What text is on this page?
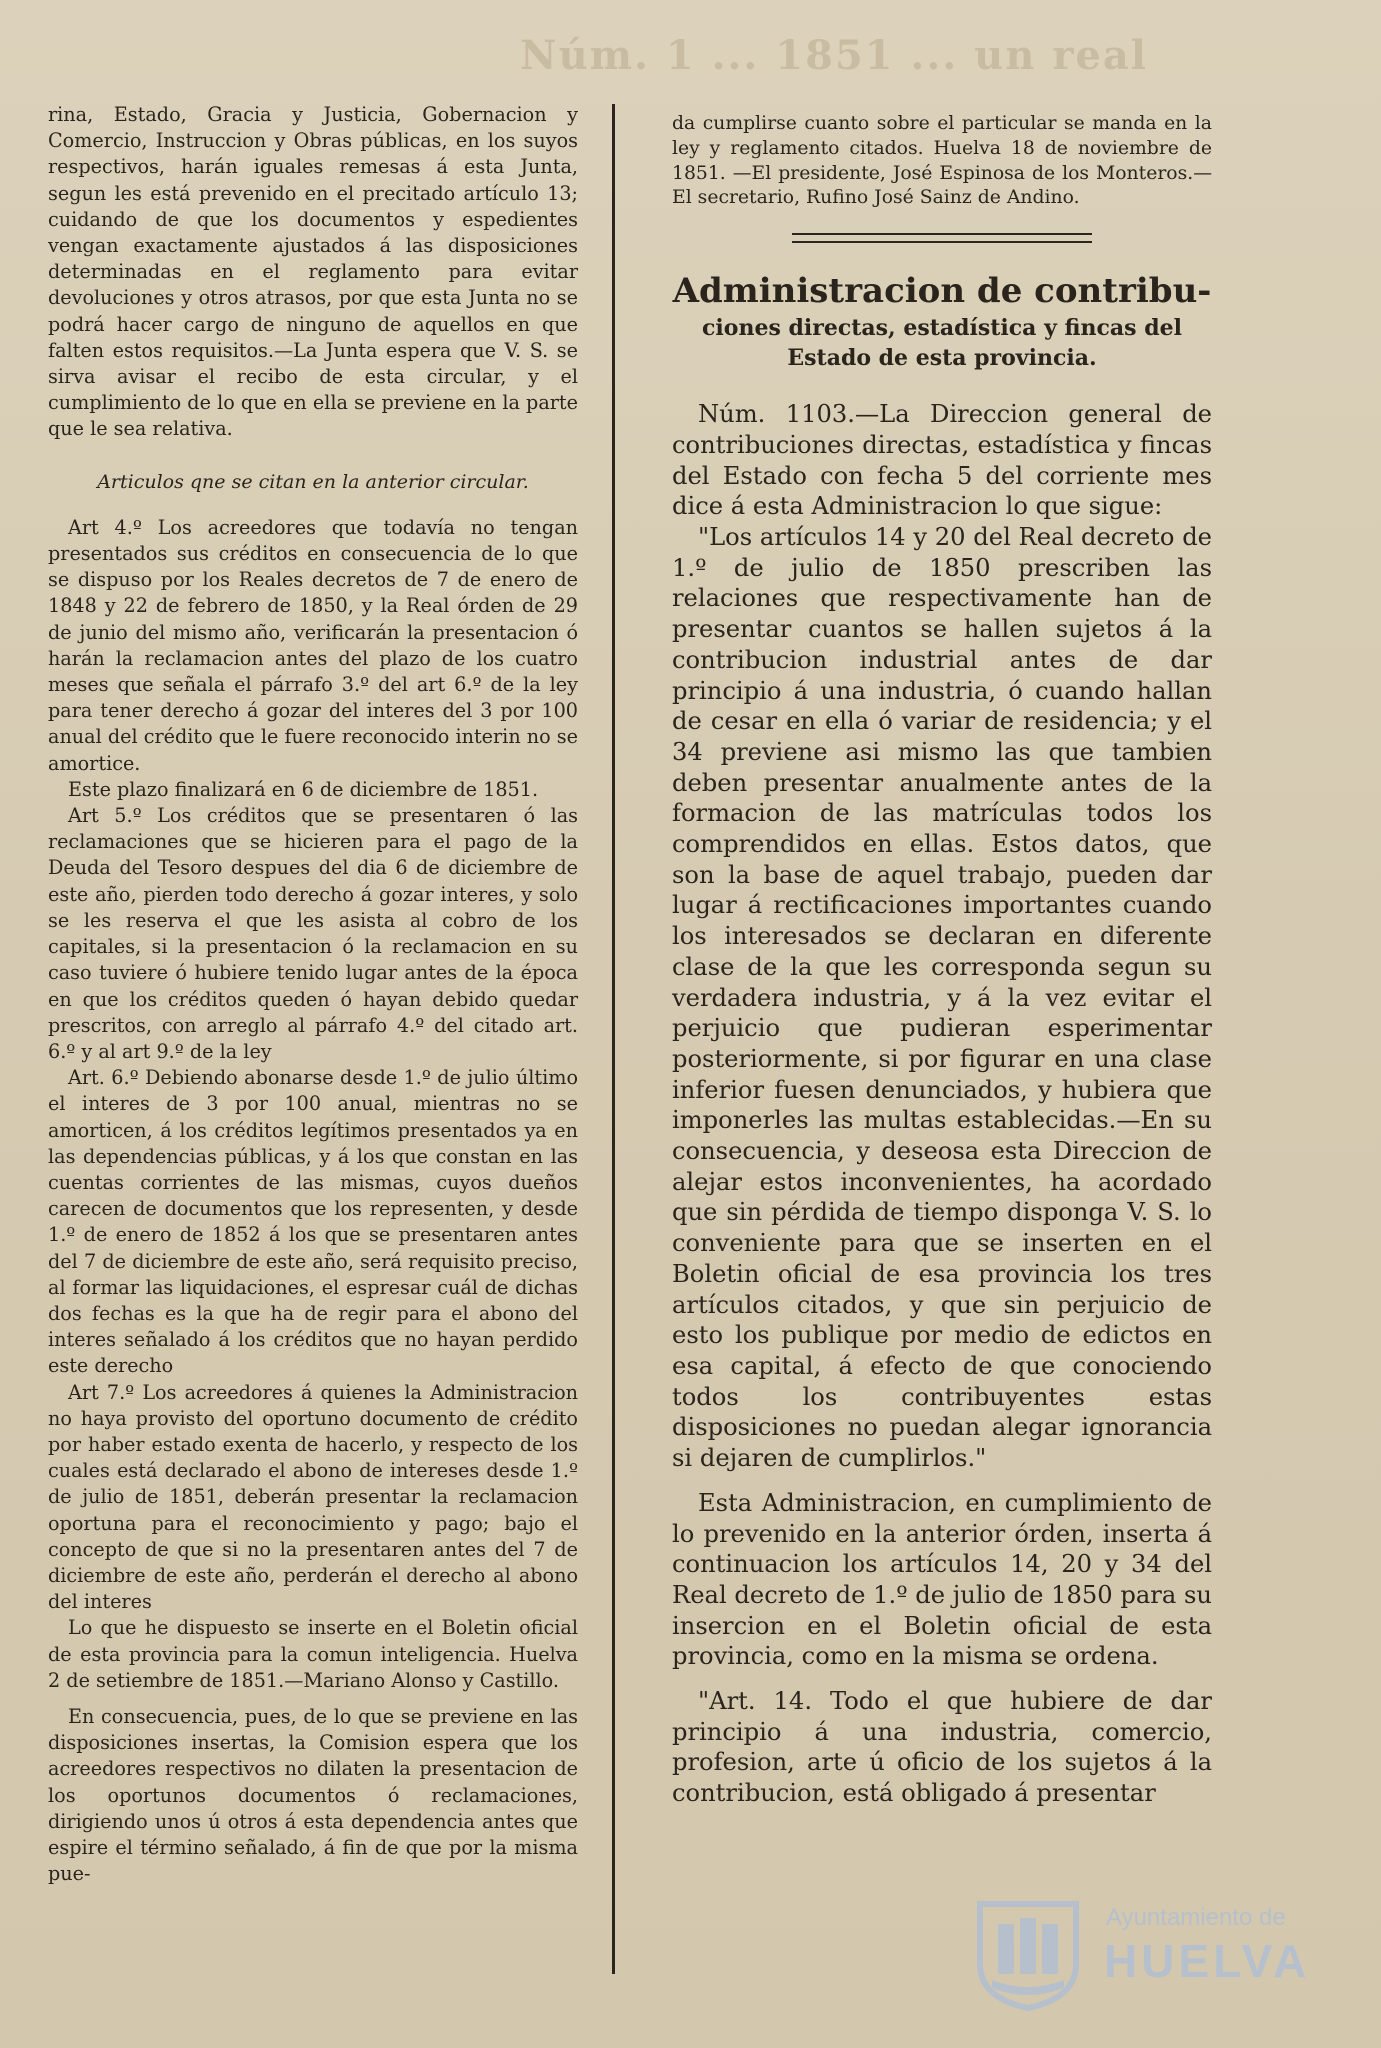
Núm. 1 ... 1851 ... un real

rina, Estado, Gracia y Justicia, Gobernacion y Comercio, Instruccion y Obras públicas, en los suyos respectivos, harán iguales remesas á esta Junta, segun les está prevenido en el precitado artículo 13; cuidando de que los documentos y espedientes vengan exactamente ajustados á las disposiciones determinadas en el reglamento para evitar devoluciones y otros atrasos, por que esta Junta no se podrá hacer cargo de ninguno de aquellos en que falten estos requisitos.—La Junta espera que V. S. se sirva avisar el recibo de esta circular, y el cumplimiento de lo que en ella se previene en la parte que le sea relativa.

Articulos qne se citan en la anterior circular.

Art 4.º Los acreedores que todavía no tengan presentados sus créditos en consecuencia de lo que se dispuso por los Reales decretos de 7 de enero de 1848 y 22 de febrero de 1850, y la Real órden de 29 de junio del mismo año, verificarán la presentacion ó harán la reclamacion antes del plazo de los cuatro meses que señala el párrafo 3.º del art 6.º de la ley para tener derecho á gozar del interes del 3 por 100 anual del crédito que le fuere reconocido interin no se amortice.

Este plazo finalizará en 6 de diciembre de 1851.

Art 5.º Los créditos que se presentaren ó las reclamaciones que se hicieren para el pago de la Deuda del Tesoro despues del dia 6 de diciembre de este año, pierden todo derecho á gozar interes, y solo se les reserva el que les asista al cobro de los capitales, si la presentacion ó la reclamacion en su caso tuviere ó hubiere tenido lugar antes de la época en que los créditos queden ó hayan debido quedar prescritos, con arreglo al párrafo 4.º del citado art. 6.º y al art 9.º de la ley

Art. 6.º Debiendo abonarse desde 1.º de julio último el interes de 3 por 100 anual, mientras no se amorticen, á los créditos legítimos presentados ya en las dependencias públicas, y á los que constan en las cuentas corrientes de las mismas, cuyos dueños carecen de documentos que los representen, y desde 1.º de enero de 1852 á los que se presentaren antes del 7 de diciembre de este año, será requisito preciso, al formar las liquidaciones, el espresar cuál de dichas dos fechas es la que ha de regir para el abono del interes señalado á los créditos que no hayan perdido este derecho

Art 7.º Los acreedores á quienes la Administracion no haya provisto del oportuno documento de crédito por haber estado exenta de hacerlo, y respecto de los cuales está declarado el abono de intereses desde 1.º de julio de 1851, deberán presentar la reclamacion oportuna para el reconocimiento y pago; bajo el concepto de que si no la presentaren antes del 7 de diciembre de este año, perderán el derecho al abono del interes

Lo que he dispuesto se inserte en el Boletin oficial de esta provincia para la comun inteligencia. Huelva 2 de setiembre de 1851.—Mariano Alonso y Castillo.

En consecuencia, pues, de lo que se previene en las disposiciones insertas, la Comision espera que los acreedores respectivos no dilaten la presentacion de los oportunos documentos ó reclamaciones, dirigiendo unos ú otros á esta dependencia antes que espire el término señalado, á fin de que por la misma pue-

da cumplirse cuanto sobre el particular se manda en la ley y reglamento citados. Huelva 18 de noviembre de 1851. —El presidente, José Espinosa de los Monteros.—El secretario, Rufino José Sainz de Andino.

Administracion de contribu-

ciones directas, estadística y fincas del Estado de esta provincia.

Núm. 1103.—La Direccion general de contribuciones directas, estadística y fincas del Estado con fecha 5 del corriente mes dice á esta Administracion lo que sigue:

"Los artículos 14 y 20 del Real decreto de 1.º de julio de 1850 prescriben las relaciones que respectivamente han de presentar cuantos se hallen sujetos á la contribucion industrial antes de dar principio á una industria, ó cuando hallan de cesar en ella ó variar de residencia; y el 34 previene asi mismo las que tambien deben presentar anualmente antes de la formacion de las matrículas todos los comprendidos en ellas. Estos datos, que son la base de aquel trabajo, pueden dar lugar á rectificaciones importantes cuando los interesados se declaran en diferente clase de la que les corresponda segun su verdadera industria, y á la vez evitar el perjuicio que pudieran esperimentar posteriormente, si por figurar en una clase inferior fuesen denunciados, y hubiera que imponerles las multas establecidas.—En su consecuencia, y deseosa esta Direccion de alejar estos inconvenientes, ha acordado que sin pérdida de tiempo disponga V. S. lo conveniente para que se inserten en el Boletin oficial de esa provincia los tres artículos citados, y que sin perjuicio de esto los publique por medio de edictos en esa capital, á efecto de que conociendo todos los contribuyentes estas disposiciones no puedan alegar ignorancia si dejaren de cumplirlos."

Esta Administracion, en cumplimiento de lo prevenido en la anterior órden, inserta á continuacion los artículos 14, 20 y 34 del Real decreto de 1.º de julio de 1850 para su insercion en el Boletin oficial de esta provincia, como en la misma se ordena.

"Art. 14. Todo el que hubiere de dar principio á una industria, comercio, profesion, arte ú oficio de los sujetos á la contribucion, está obligado á presentar

Ayuntamiento de
HUELVA
